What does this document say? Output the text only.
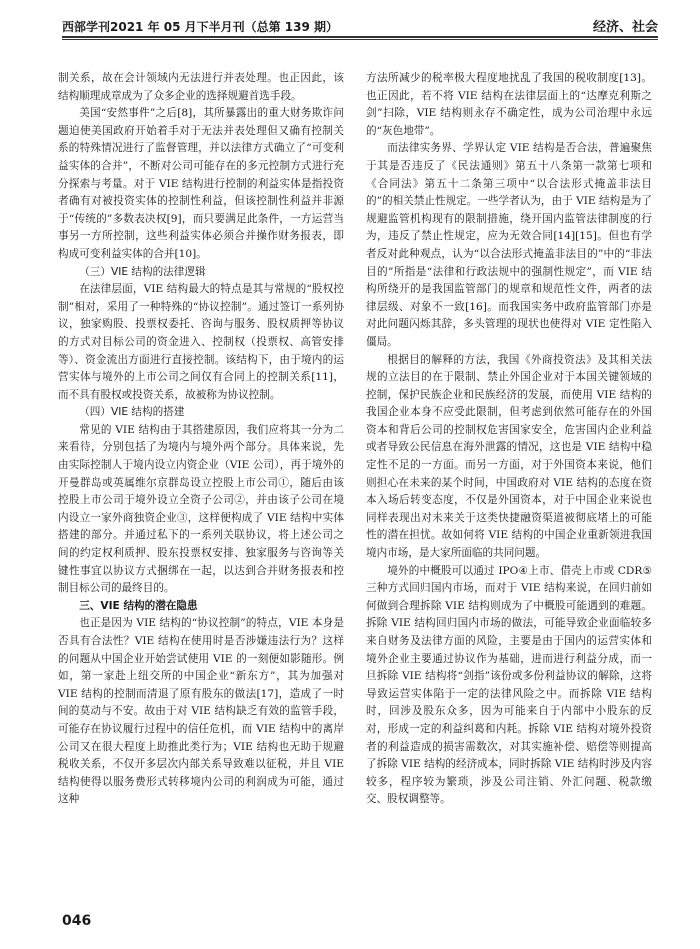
西部学刊2021 年 05 月下半月刊（总第 139 期）	经济、社会

制关系，故在会计领域内无法进行并表处理。也正因此，该结构顺理成章成为了众多企业的选择规避首选手段。

美国“安然事件”之后[8]，其所暴露出的重大财务欺诈问题迫使美国政府开始着手对于无法并表处理但又确有控制关系的特殊情况进行了监督管理，并以法律方式确立了“可变利益实体的合并”，不断对公司可能存在的多元控制方式进行充分探索与考量。对于 VIE 结构进行控制的利益实体是指投资者确有对被投资实体的控制性利益，但该控制性利益并非源于“传统的”多数表决权[9]，而只要满足此条件，一方运营当事另一方所控制，这些利益实体必须合并操作财务报表，即构成可变利益实体的合并[10]。

（三）VIE 结构的法律逻辑

在法律层面，VIE 结构最大的特点是其与常规的“股权控制”相对，采用了一种特殊的“协议控制”。通过签订一系列协议，独家购股、投票权委托、咨询与服务、股权质押等协议的方式对目标公司的资金进入、控制权（投票权、高管安排等）、资金流出方面进行直接控制。该结构下，由于境内的运营实体与境外的上市公司之间仅有合同上的控制关系[11]，而不具有股权或投资关系，故被称为协议控制。

（四）VIE 结构的搭建

常见的 VIE 结构由于其搭建原因，我们应将其一分为二来看待，分别包括了为境内与境外两个部分。具体来说，先由实际控制人于境内设立内资企业（VIE 公司），再于境外的开曼群岛或英属维尔京群岛设立控股上市公司①，随后由该控股上市公司于境外设立全资子公司②，并由该子公司在境内设立一家外商独资企业③，这样便构成了 VIE 结构中实体搭建的部分。并通过私下的一系列关联协议，将上述公司之间的约定权利质押、股东投票权安排、独家服务与咨询等关键性事宜以协议方式捆绑在一起，以达到合并财务报表和控制目标公司的最终目的。

三、VIE 结构的潜在隐患

也正是因为 VIE 结构的“协议控制”的特点，VIE 本身是否具有合法性？VIE 结构在使用时是否涉嫌违法行为？这样的问题从中国企业开始尝试使用 VIE 的一刻便如影随形。例如，第一家赴上纽交所的中国企业“新东方”，其为加强对 VIE 结构的控制而清退了原有股东的做法[17]，造成了一时间的莫动与不安。故由于对 VIE 结构缺乏有效的监管手段，可能存在协议履行过程中的信任危机，而 VIE 结构中的离岸公司又在很大程度上助推此类行为；VIE 结构也无助于规避税收关系，不仅开多层次内部关系导致难以征税，并且 VIE 结构使得以服务费形式转移境内公司的利润成为可能，通过这种

方法所减少的税率极大程度地扰乱了我国的税收制度[13]。也正因此，若不将 VIE 结构在法律层面上的“达摩克利斯之剑”扫除，VIE 结构则永存不确定性，成为公司治理中永远的“灰色地带”。

而法律实务界、学界认定 VIE 结构是否合法，普遍聚焦于其是否违反了《民法通则》第五十八条第一款第七项和《合同法》第五十二条第三项中“以合法形式掩盖非法目的”的相关禁止性规定。一些学者认为，由于 VIE 结构是为了规避监管机构现有的限制措施，绕开国内监管法律制度的行为，违反了禁止性规定，应为无效合同[14][15]。但也有学者反对此种观点，认为“以合法形式掩盖非法目的”中的“非法目的”所指是“法律和行政法规中的强制性规定”，而 VIE 结构所绕开的是我国监管部门的规章和规范性文件，两者的法律层级、对象不一致[16]。而我国实务中政府监管部门亦是对此问题闪烁其辞，多头管理的现状也使得对 VIE 定性陷入僵局。

根据目的解释的方法，我国《外商投资法》及其相关法规的立法目的在于限制、禁止外国企业对于本国关键领域的控制，保护民族企业和民族经济的发展，而使用 VIE 结构的我国企业本身不应受此限制，但考虑到依然可能存在的外国资本和背后公司的控制权危害国家安全，危害国内企业利益或者导致公民信息在海外泄露的情况，这也是 VIE 结构中稳定性不足的一方面。而另一方面，对于外国资本来说，他们则担心在未来的某个时间，中国政府对 VIE 结构的态度在资本入场后转变态度，不仅是外国资本，对于中国企业来说也同样表现出对未来关于这类快捷融资渠道被彻底堵上的可能性的潜在担忧。故如何将 VIE 结构的中国企业重新领进我国境内市场，是大家所面临的共同问题。

境外的中概股可以通过 IPO④上市、借壳上市或 CDR⑤三种方式回归国内市场，而对于 VIE 结构来说，在回归前如何做到合理拆除 VIE 结构则成为了中概股可能遇到的难题。拆除 VIE 结构回归国内市场的做法，可能导致企业面临较多来自财务及法律方面的风险，主要是由于国内的运营实体和境外企业主要通过协议作为基础，进而进行利益分成，而一旦拆除 VIE 结构将“剑指”该份或多份利益协议的解除，这将导致运营实体陷于一定的法律风险之中。而拆除 VIE 结构时，回涉及股东众多，因为可能来自于内部中小股东的反对，形成一定的利益纠葛和内耗。拆除 VIE 结构对境外投资者的利益造成的损害需数次，对其实施补偿、赔偿等则提高了拆除 VIE 结构的经济成本，同时拆除 VIE 结构时涉及内容较多，程序较为繁琐，涉及公司注销、外汇问题、税款缴交、股权调整等。

046
